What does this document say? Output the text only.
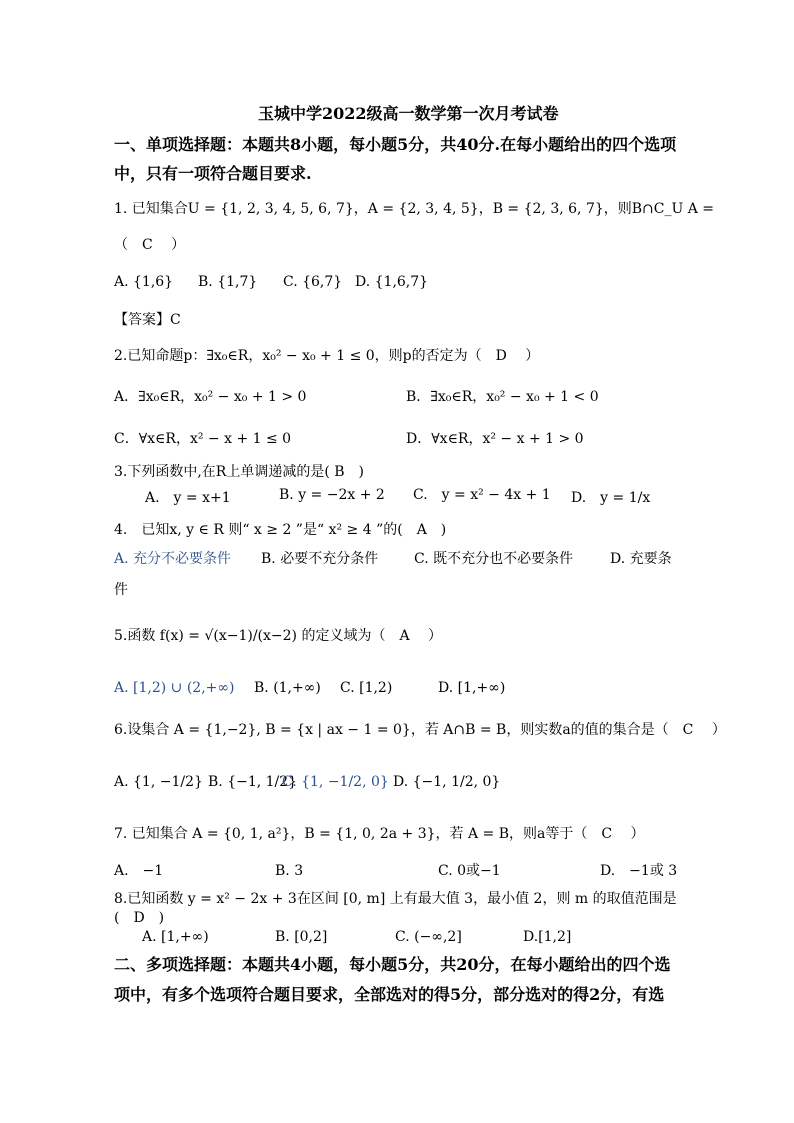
玉城中学2022级高一数学第一次月考试卷
一、单项选择题：本题共8小题，每小题5分，共40分.在每小题给出的四个选项
中，只有一项符合题目要求.
1. 已知集合U = {1, 2, 3, 4, 5, 6, 7}，A = {2, 3, 4, 5}，B = {2, 3, 6, 7}，则B∩C_U A =
（　C　 ）
A. {1,6} B. {1,7} C. {6,7} D. {1,6,7}
【答案】C
2.已知命题p：∃x₀∈R，x₀² − x₀ + 1 ≤ 0，则p的否定为（　D　 ）
A．∃x₀∈R，x₀² − x₀ + 1 > 0	B．∃x₀∈R，x₀² − x₀ + 1 < 0
C．∀x∈R，x² − x + 1 ≤ 0	D．∀x∈R，x² − x + 1 > 0
3.下列函数中,在R上单调递减的是( B　)
A.　y = x+1	B. y = −2x + 2 C.　y = x² − 4x + 1 D.　y = 1/x
4.　已知x, y ∈ R 则“ x ≥ 2 ”是“ x² ≥ 4 ”的(　A　)
A. 充分不必要条件 B. 必要不充分条件	C. 既不充分也不必要条件	D. 充要条
件
5.函数 f(x) = √(x−1)/(x−2) 的定义域为（　A　 ）
A. [1,2) ∪ (2,+∞) B. (1,+∞) C. [1,2)	D. [1,+∞)
6.设集合 A = {1,−2}, B = {x | ax − 1 = 0}，若 A∩B = B，则实数a的值的集合是（　C　 ）
A. {1, −1/2} B. {−1, 1/2}
C. {1, −1/2, 0} D. {−1, 1/2, 0}
7. 已知集合 A = {0, 1, a²}，B = {1, 0, 2a + 3}，若 A = B，则a等于（　C　 ）
A.　−1	B. 3	C. 0或−1	D.　−1或 3
8.已知函数 y = x² − 2x + 3在区间 [0, m] 上有最大值 3，最小值 2，则 m 的取值范围是
(　D　)
A. [1,+∞)	B. [0,2]	C. (−∞,2]	D.[1,2]
二、多项选择题：本题共4小题，每小题5分，共20分，在每小题给出的四个选
项中，有多个选项符合题目要求，全部选对的得5分，部分选对的得2分，有选
